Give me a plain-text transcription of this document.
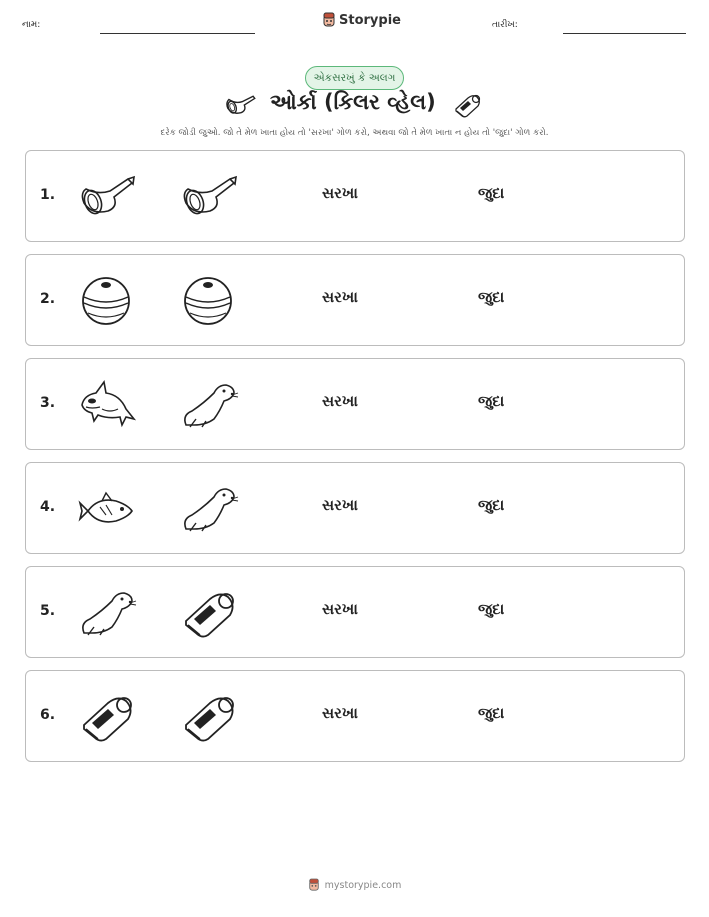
નામ:	Storypie	તારીખ:
એકસરખું કે અલગ
ઓર્કા (કિલર વ્હેલ)
દરેક જોડી જુઓ. જો તે મેળ ખાતા હોય તો 'સરખા' ગોળ કરો, અથવા જો તે મેળ ખાતા ન હોય તો 'જુદા' ગોળ કરો.
1.	સરખા	જુદા
2.	સરખા	જુદા
3.	સરખા	જુદા
4.	સરખા	જુદા
5.	સરખા	જુદા
6.	સરખા	જુદા
mystorypie.com
